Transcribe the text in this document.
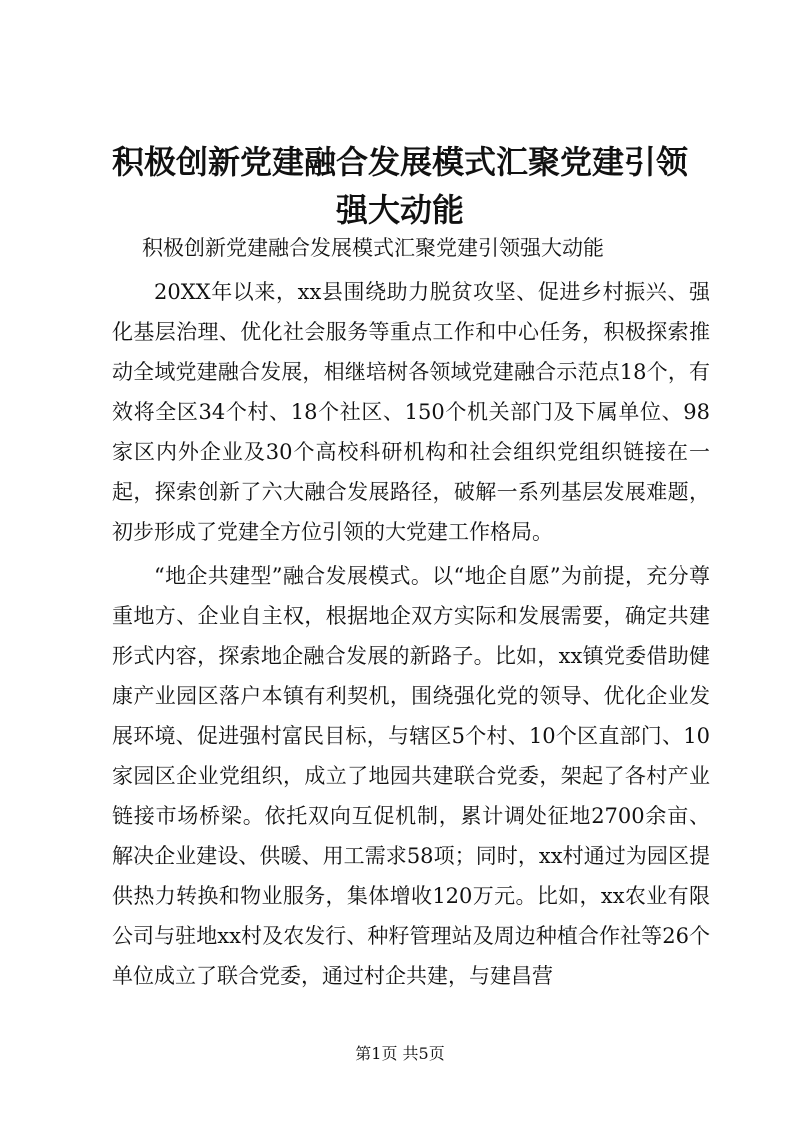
积极创新党建融合发展模式汇聚党建引领强大动能

积极创新党建融合发展模式汇聚党建引领强大动能

20XX年以来，xx县围绕助力脱贫攻坚、促进乡村振兴、强化基层治理、优化社会服务等重点工作和中心任务，积极探索推动全域党建融合发展，相继培树各领域党建融合示范点18个，有效将全区34个村、18个社区、150个机关部门及下属单位、98家区内外企业及30个高校科研机构和社会组织党组织链接在一起，探索创新了六大融合发展路径，破解一系列基层发展难题，初步形成了党建全方位引领的大党建工作格局。

“地企共建型”融合发展模式。以“地企自愿”为前提，充分尊重地方、企业自主权，根据地企双方实际和发展需要，确定共建形式内容，探索地企融合发展的新路子。比如，xx镇党委借助健康产业园区落户本镇有利契机，围绕强化党的领导、优化企业发展环境、促进强村富民目标，与辖区5个村、10个区直部门、10家园区企业党组织，成立了地园共建联合党委，架起了各村产业链接市场桥梁。依托双向互促机制，累计调处征地2700余亩、解决企业建设、供暖、用工需求58项；同时，xx村通过为园区提供热力转换和物业服务，集体增收120万元。比如，xx农业有限公司与驻地xx村及农发行、种籽管理站及周边种植合作社等26个单位成立了联合党委，通过村企共建，与建昌营

第1页 共5页
